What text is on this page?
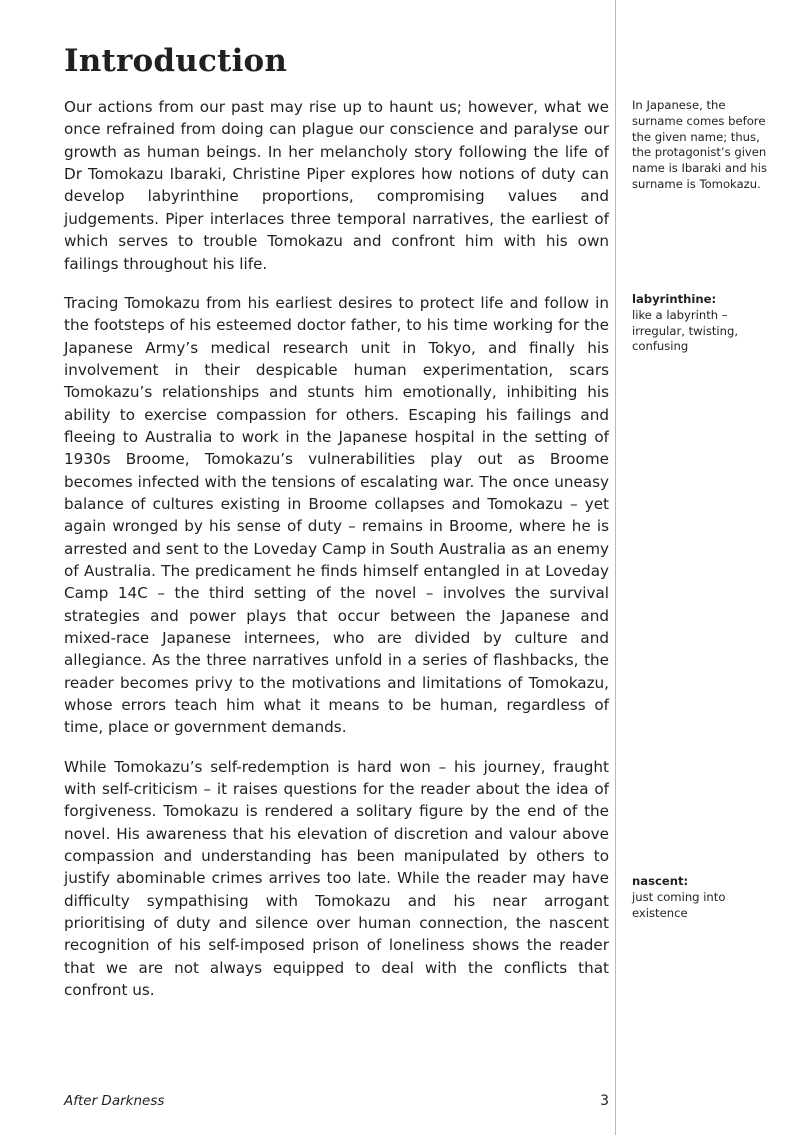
Introduction

Our actions from our past may rise up to haunt us; however, what we once refrained from doing can plague our conscience and paralyse our growth as human beings. In her melancholy story following the life of Dr Tomokazu Ibaraki, Christine Piper explores how notions of duty can develop labyrinthine proportions, compromising values and judgements. Piper interlaces three temporal narratives, the earliest of which serves to trouble Tomokazu and confront him with his own failings throughout his life.

Tracing Tomokazu from his earliest desires to protect life and follow in the footsteps of his esteemed doctor father, to his time working for the Japanese Army’s medical research unit in Tokyo, and finally his involvement in their despicable human experimentation, scars Tomokazu’s relationships and stunts him emotionally, inhibiting his ability to exercise compassion for others. Escaping his failings and fleeing to Australia to work in the Japanese hospital in the setting of 1930s Broome, Tomokazu’s vulnerabilities play out as Broome becomes infected with the tensions of escalating war. The once uneasy balance of cultures existing in Broome collapses and Tomokazu – yet again wronged by his sense of duty – remains in Broome, where he is arrested and sent to the Loveday Camp in South Australia as an enemy of Australia. The predicament he finds himself entangled in at Loveday Camp 14C – the third setting of the novel – involves the survival strategies and power plays that occur between the Japanese and mixed-race Japanese internees, who are divided by culture and allegiance. As the three narratives unfold in a series of flashbacks, the reader becomes privy to the motivations and limitations of Tomokazu, whose errors teach him what it means to be human, regardless of time, place or government demands.

While Tomokazu’s self-redemption is hard won – his journey, fraught with self-criticism – it raises questions for the reader about the idea of forgiveness. Tomokazu is rendered a solitary figure by the end of the novel. His awareness that his elevation of discretion and valour above compassion and understanding has been manipulated by others to justify abominable crimes arrives too late. While the reader may have difficulty sympathising with Tomokazu and his near arrogant prioritising of duty and silence over human connection, the nascent recognition of his self-imposed prison of loneliness shows the reader that we are not always equipped to deal with the conflicts that confront us.

In Japanese, the surname comes before the given name; thus, the protagonist’s given name is Ibaraki and his surname is Tomokazu.
labyrinthine:
like a labyrinth – irregular, twisting, confusing
nascent:
just coming into existence
After Darkness	3
